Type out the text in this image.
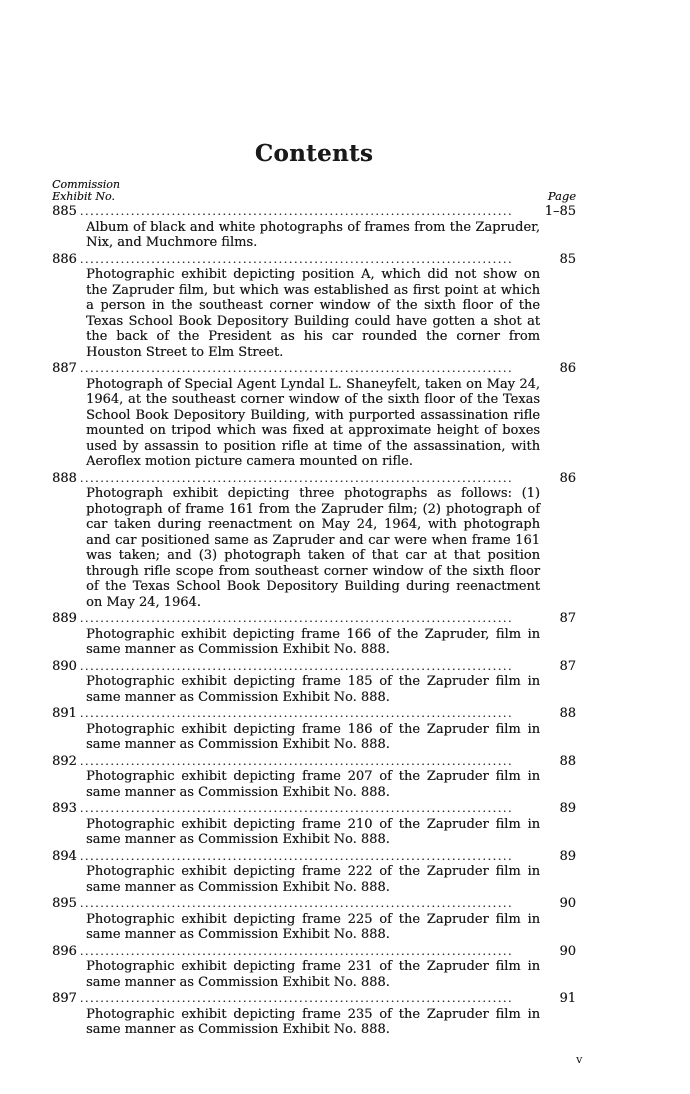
Contents
Commission
Exhibit No.	Page
885 .....	1–85

Album of black and white photographs of frames from the Zapruder, Nix, and Muchmore films.

886 .....	85

Photographic exhibit depicting position A, which did not show on the Zapruder film, but which was established as first point at which a person in the southeast corner window of the sixth floor of the Texas School Book Depository Building could have gotten a shot at the back of the President as his car rounded the corner from Houston Street to Elm Street.

887 .....	86

Photograph of Special Agent Lyndal L. Shaneyfelt, taken on May 24, 1964, at the southeast corner window of the sixth floor of the Texas School Book Depository Building, with purported assassination rifle mounted on tripod which was fixed at approximate height of boxes used by assassin to position rifle at time of the assassination, with Aeroflex motion picture camera mounted on rifle.

888 .....	86

Photograph exhibit depicting three photographs as follows: (1) photograph of frame 161 from the Zapruder film; (2) photograph of car taken during reenactment on May 24, 1964, with photograph and car positioned same as Zapruder and car were when frame 161 was taken; and (3) photograph taken of that car at that position through rifle scope from southeast corner window of the sixth floor of the Texas School Book Depository Building during reenactment on May 24, 1964.

889 .....	87

Photographic exhibit depicting frame 166 of the Zapruder, film in same manner as Commission Exhibit No. 888.

890 .....	87

Photographic exhibit depicting frame 185 of the Zapruder film in same manner as Commission Exhibit No. 888.

891 .....	88

Photographic exhibit depicting frame 186 of the Zapruder film in same manner as Commission Exhibit No. 888.

892 .....	88

Photographic exhibit depicting frame 207 of the Zapruder film in same manner as Commission Exhibit No. 888.

893 .....	89

Photographic exhibit depicting frame 210 of the Zapruder film in same manner as Commission Exhibit No. 888.

894 .....	89

Photographic exhibit depicting frame 222 of the Zapruder film in same manner as Commission Exhibit No. 888.

895 .....	90

Photographic exhibit depicting frame 225 of the Zapruder film in same manner as Commission Exhibit No. 888.

896 .....	90

Photographic exhibit depicting frame 231 of the Zapruder film in same manner as Commission Exhibit No. 888.

897 .....	91

Photographic exhibit depicting frame 235 of the Zapruder film in same manner as Commission Exhibit No. 888.

v
